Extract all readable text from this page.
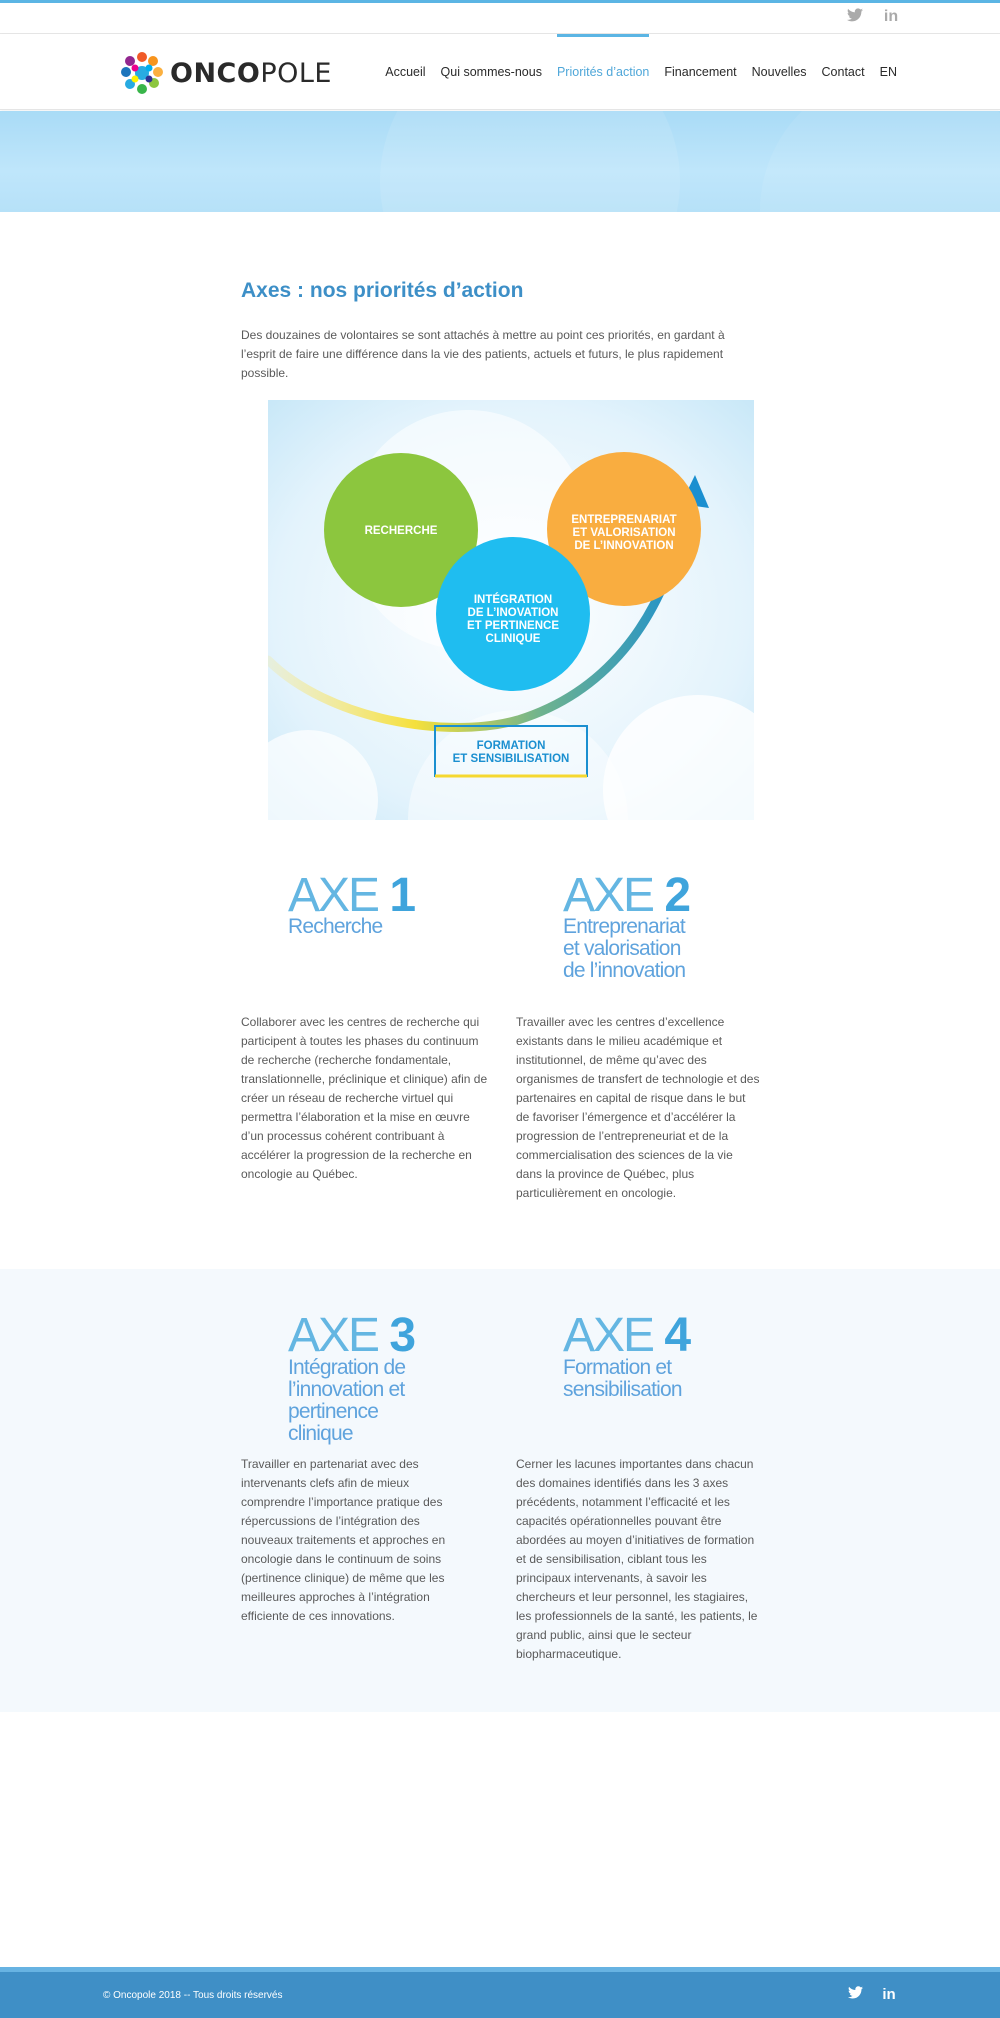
in
ONCOPOLE	Accueil Qui sommes-nous Priorités d’action Financement Nouvelles Contact EN
Axes : nos priorités d’action

Des douzaines de volontaires se sont attachés à mettre au point ces priorités, en gardant à l’esprit de faire une différence dans la vie des patients, actuels et futurs, le plus rapidement possible.

RECHERCHE
ENTREPRENARIAT
ET VALORISATION
DE L’INNOVATION
INTÉGRATION
DE L’INOVATION
ET PERTINENCE
CLINIQUE
FORMATION
ET SENSIBILISATION
AXE 1
Recherche
Collaborer avec les centres de recherche qui participent à toutes les phases du continuum de recherche (recherche fondamentale, translationnelle, préclinique et clinique) afin de créer un réseau de recherche virtuel qui permettra l’élaboration et la mise en œuvre d’un processus cohérent contribuant à accélérer la progression de la recherche en oncologie au Québec.
AXE 2
Entreprenariat
et valorisation
de l’innovation
Travailler avec les centres d’excellence existants dans le milieu académique et institutionnel, de même qu’avec des organismes de transfert de technologie et des partenaires en capital de risque dans le but de favoriser l’émergence et d’accélérer la progression de l’entrepreneuriat et de la commercialisation des sciences de la vie dans la province de Québec, plus particulièrement en oncologie.
AXE 3
Intégration de
l’innovation et
pertinence
clinique
Travailler en partenariat avec des intervenants clefs afin de mieux comprendre l’importance pratique des répercussions de l’intégration des nouveaux traitements et approches en oncologie dans le continuum de soins (pertinence clinique) de même que les meilleures approches à l’intégration efficiente de ces innovations.
AXE 4
Formation et
sensibilisation
Cerner les lacunes importantes dans chacun des domaines identifiés dans les 3 axes précédents, notamment l’efficacité et les capacités opérationnelles pouvant être abordées au moyen d’initiatives de formation et de sensibilisation, ciblant tous les principaux intervenants, à savoir les chercheurs et leur personnel, les stagiaires, les professionnels de la santé, les patients, le grand public, ainsi que le secteur biopharmaceutique.
© Oncopole 2018 -- Tous droits réservés	in
